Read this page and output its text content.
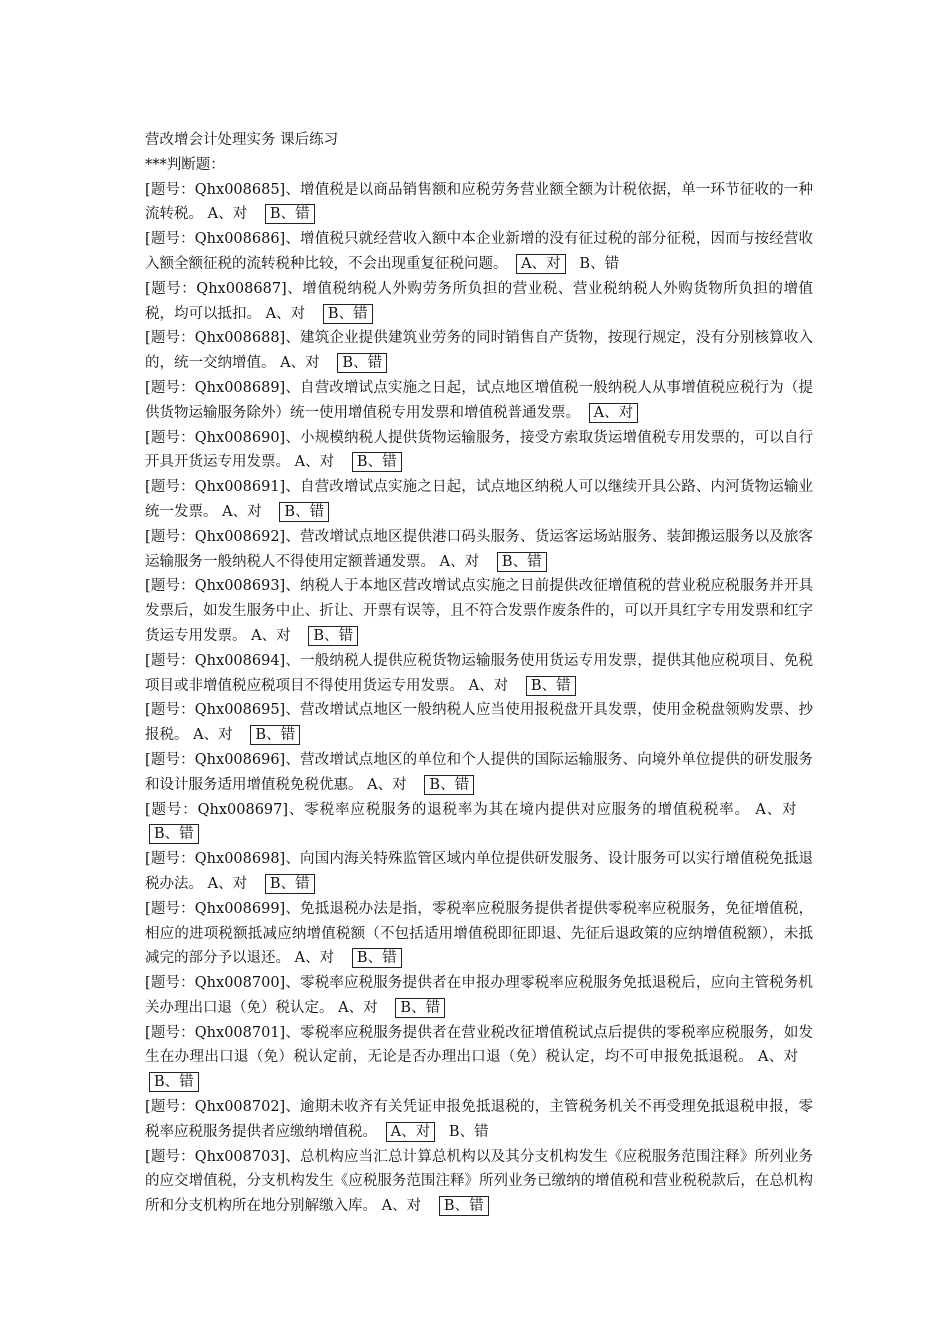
营改增会计处理实务 课后练习
***判断题：

[题号：Qhx008685]、增值税是以商品销售额和应税劳务营业额全额为计税依据，单一环节征收的一种流转税。 A、对 B、错

[题号：Qhx008686]、增值税只就经营收入额中本企业新增的没有征过税的部分征税，因而与按经营收入额全额征税的流转税种比较，不会出现重复征税问题。 A、对 B、错

[题号：Qhx008687]、增值税纳税人外购劳务所负担的营业税、营业税纳税人外购货物所负担的增值税，均可以抵扣。 A、对 B、错

[题号：Qhx008688]、建筑企业提供建筑业劳务的同时销售自产货物，按现行规定，没有分别核算收入的，统一交纳增值。 A、对 B、错

[题号：Qhx008689]、自营改增试点实施之日起，试点地区增值税一般纳税人从事增值税应税行为（提供货物运输服务除外）统一使用增值税专用发票和增值税普通发票。 A、对

[题号：Qhx008690]、小规模纳税人提供货物运输服务，接受方索取货运增值税专用发票的，可以自行开具开货运专用发票。 A、对 B、错

[题号：Qhx008691]、自营改增试点实施之日起，试点地区纳税人可以继续开具公路、内河货物运输业统一发票。 A、对 B、错

[题号：Qhx008692]、营改增试点地区提供港口码头服务、货运客运场站服务、装卸搬运服务以及旅客运输服务一般纳税人不得使用定额普通发票。 A、对 B、错

[题号：Qhx008693]、纳税人于本地区营改增试点实施之日前提供改征增值税的营业税应税服务并开具发票后，如发生服务中止、折让、开票有误等，且不符合发票作废条件的，可以开具红字专用发票和红字货运专用发票。 A、对 B、错

[题号：Qhx008694]、一般纳税人提供应税货物运输服务使用货运专用发票，提供其他应税项目、免税项目或非增值税应税项目不得使用货运专用发票。 A、对 B、错

[题号：Qhx008695]、营改增试点地区一般纳税人应当使用报税盘开具发票，使用金税盘领购发票、抄报税。 A、对 B、错

[题号：Qhx008696]、营改增试点地区的单位和个人提供的国际运输服务、向境外单位提供的研发服务和设计服务适用增值税免税优惠。 A、对 B、错

[题号：Qhx008697]、零税率应税服务的退税率为其在境内提供对应服务的增值税税率。 A、对   B、错

[题号：Qhx008698]、向国内海关特殊监管区域内单位提供研发服务、设计服务可以实行增值税免抵退税办法。 A、对 B、错

[题号：Qhx008699]、免抵退税办法是指，零税率应税服务提供者提供零税率应税服务，免征增值税，相应的进项税额抵减应纳增值税额（不包括适用增值税即征即退、先征后退政策的应纳增值税额），未抵减完的部分予以退还。 A、对 B、错

[题号：Qhx008700]、零税率应税服务提供者在申报办理零税率应税服务免抵退税后，应向主管税务机关办理出口退（免）税认定。 A、对 B、错

[题号：Qhx008701]、零税率应税服务提供者在营业税改征增值税试点后提供的零税率应税服务，如发生在办理出口退（免）税认定前，无论是否办理出口退（免）税认定，均不可申报免抵退税。 A、对   B、错

[题号：Qhx008702]、逾期未收齐有关凭证申报免抵退税的，主管税务机关不再受理免抵退税申报，零税率应税服务提供者应缴纳增值税。 A、对 B、错

[题号：Qhx008703]、总机构应当汇总计算总机构以及其分支机构发生《应税服务范围注释》所列业务的应交增值税，分支机构发生《应税服务范围注释》所列业务已缴纳的增值税和营业税税款后，在总机构所和分支机构所在地分别解缴入库。 A、对 B、错
